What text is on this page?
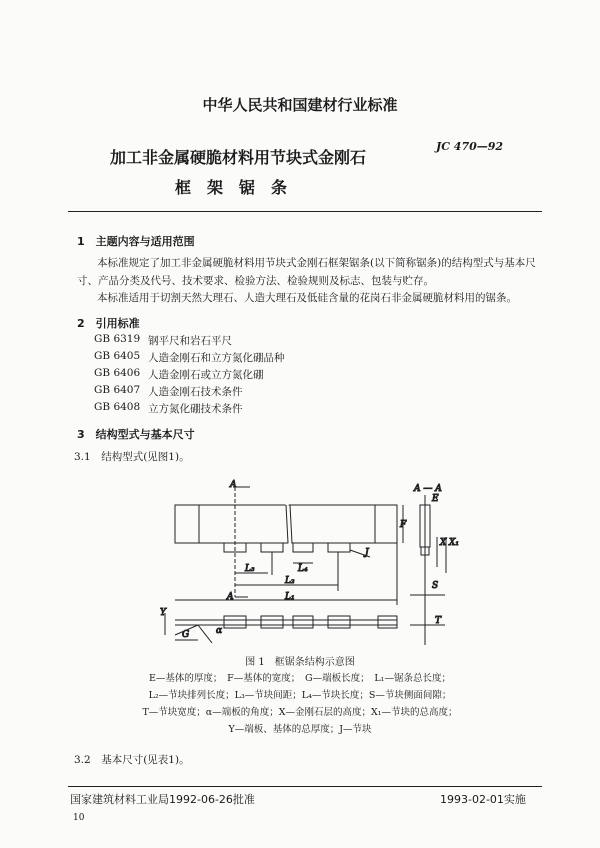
中华人民共和国建材行业标准
加工非金属硬脆材料用节块式金刚石
框　架　锯　条
JC 470—92
1　主题内容与适用范围
本标准规定了加工非金属硬脆材料用节块式金刚石框架锯条(以下简称锯条)的结构型式与基本尺
寸、产品分类及代号、技术要求、检验方法、检验规则及标志、包装与贮存。
本标准适用于切割天然大理石、人造大理石及低硅含量的花岗石非金属硬脆材料用的锯条。
2　引用标准
GB 6319 钢平尺和岩石平尺
GB 6405 人造金刚石和立方氮化硼品种
GB 6406 人造金刚石或立方氮化硼
GB 6407 人造金刚石技术条件
GB 6408 立方氮化硼技术条件
3　结构型式与基本尺寸
3.1　结构型式(见图1)。
A
A
A — A
E
F
X X₁
S
T
L₃	L₄
L₂
L₁
J
Y
G	α
图 1　框锯条结构示意图
E—基体的厚度；　F—基体的宽度；　G—端板长度；　L₁—锯条总长度；
L₂—节块排列长度；L₃—节块间距；L₄—节块长度；S—节块侧面间隙；
T—节块宽度；α—端板的角度；X—金刚石层的高度；X₁—节块的总高度；
Y—端板、基体的总厚度；J—节块
3.2　基本尺寸(见表1)。
国家建筑材料工业局1992-06-26批准	1993-02-01实施
10
